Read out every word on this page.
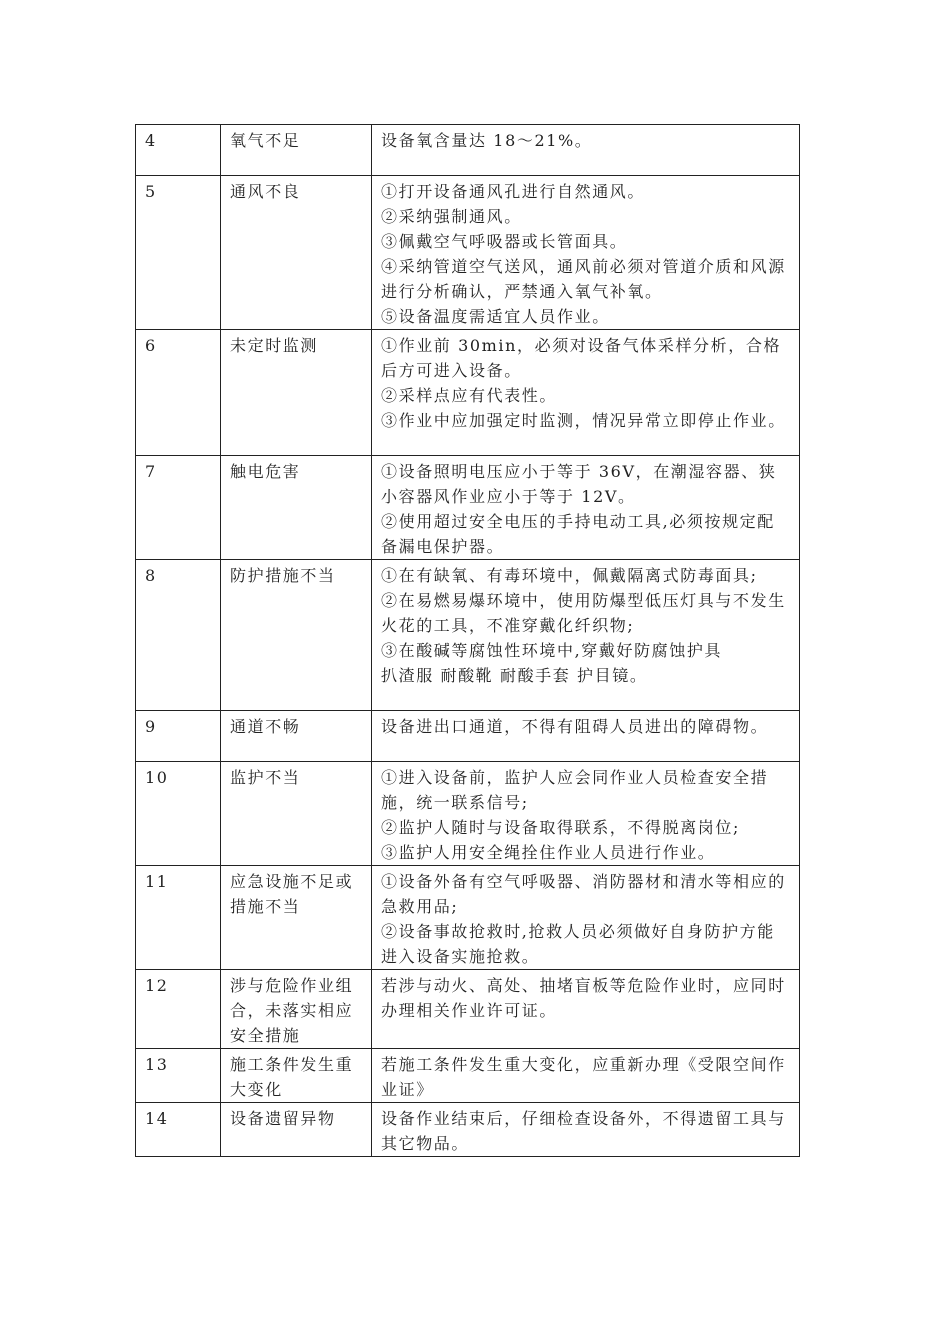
4	氧气不足	设备氧含量达 18～21%。

5	通风不良	①打开设备通风孔进行自然通风。
②采纳强制通风。
③佩戴空气呼吸器或长管面具。
④采纳管道空气送风，通风前必须对管道介质和风源进行分析确认，严禁通入氧气补氧。
⑤设备温度需适宜人员作业。

6	未定时监测	①作业前 30min，必须对设备气体采样分析，合格后方可进入设备。
②采样点应有代表性。
③作业中应加强定时监测，情况异常立即停止作业。

7	触电危害	①设备照明电压应小于等于 36V，在潮湿容器、狭小容器风作业应小于等于 12V。
②使用超过安全电压的手持电动工具,必须按规定配备漏电保护器。

8	防护措施不当	①在有缺氧、有毒环境中，佩戴隔离式防毒面具;
②在易燃易爆环境中，使用防爆型低压灯具与不发生火花的工具，不准穿戴化纤织物;
③在酸碱等腐蚀性环境中,穿戴好防腐蚀护具
扒渣服 耐酸靴 耐酸手套 护目镜。

9	通道不畅	设备进出口通道，不得有阻碍人员进出的障碍物。

10	监护不当	①进入设备前，监护人应会同作业人员检查安全措施，统一联系信号;
②监护人随时与设备取得联系，不得脱离岗位;
③监护人用安全绳拴住作业人员进行作业。

11	应急设施不足或措施不当	①设备外备有空气呼吸器、消防器材和清水等相应的急救用品;
②设备事故抢救时,抢救人员必须做好自身防护方能进入设备实施抢救。

12	涉与危险作业组合，未落实相应安全措施	若涉与动火、高处、抽堵盲板等危险作业时，应同时办理相关作业许可证。

13	施工条件发生重大变化	若施工条件发生重大变化，应重新办理《受限空间作业证》

14	设备遗留异物	设备作业结束后，仔细检查设备外，不得遗留工具与其它物品。
